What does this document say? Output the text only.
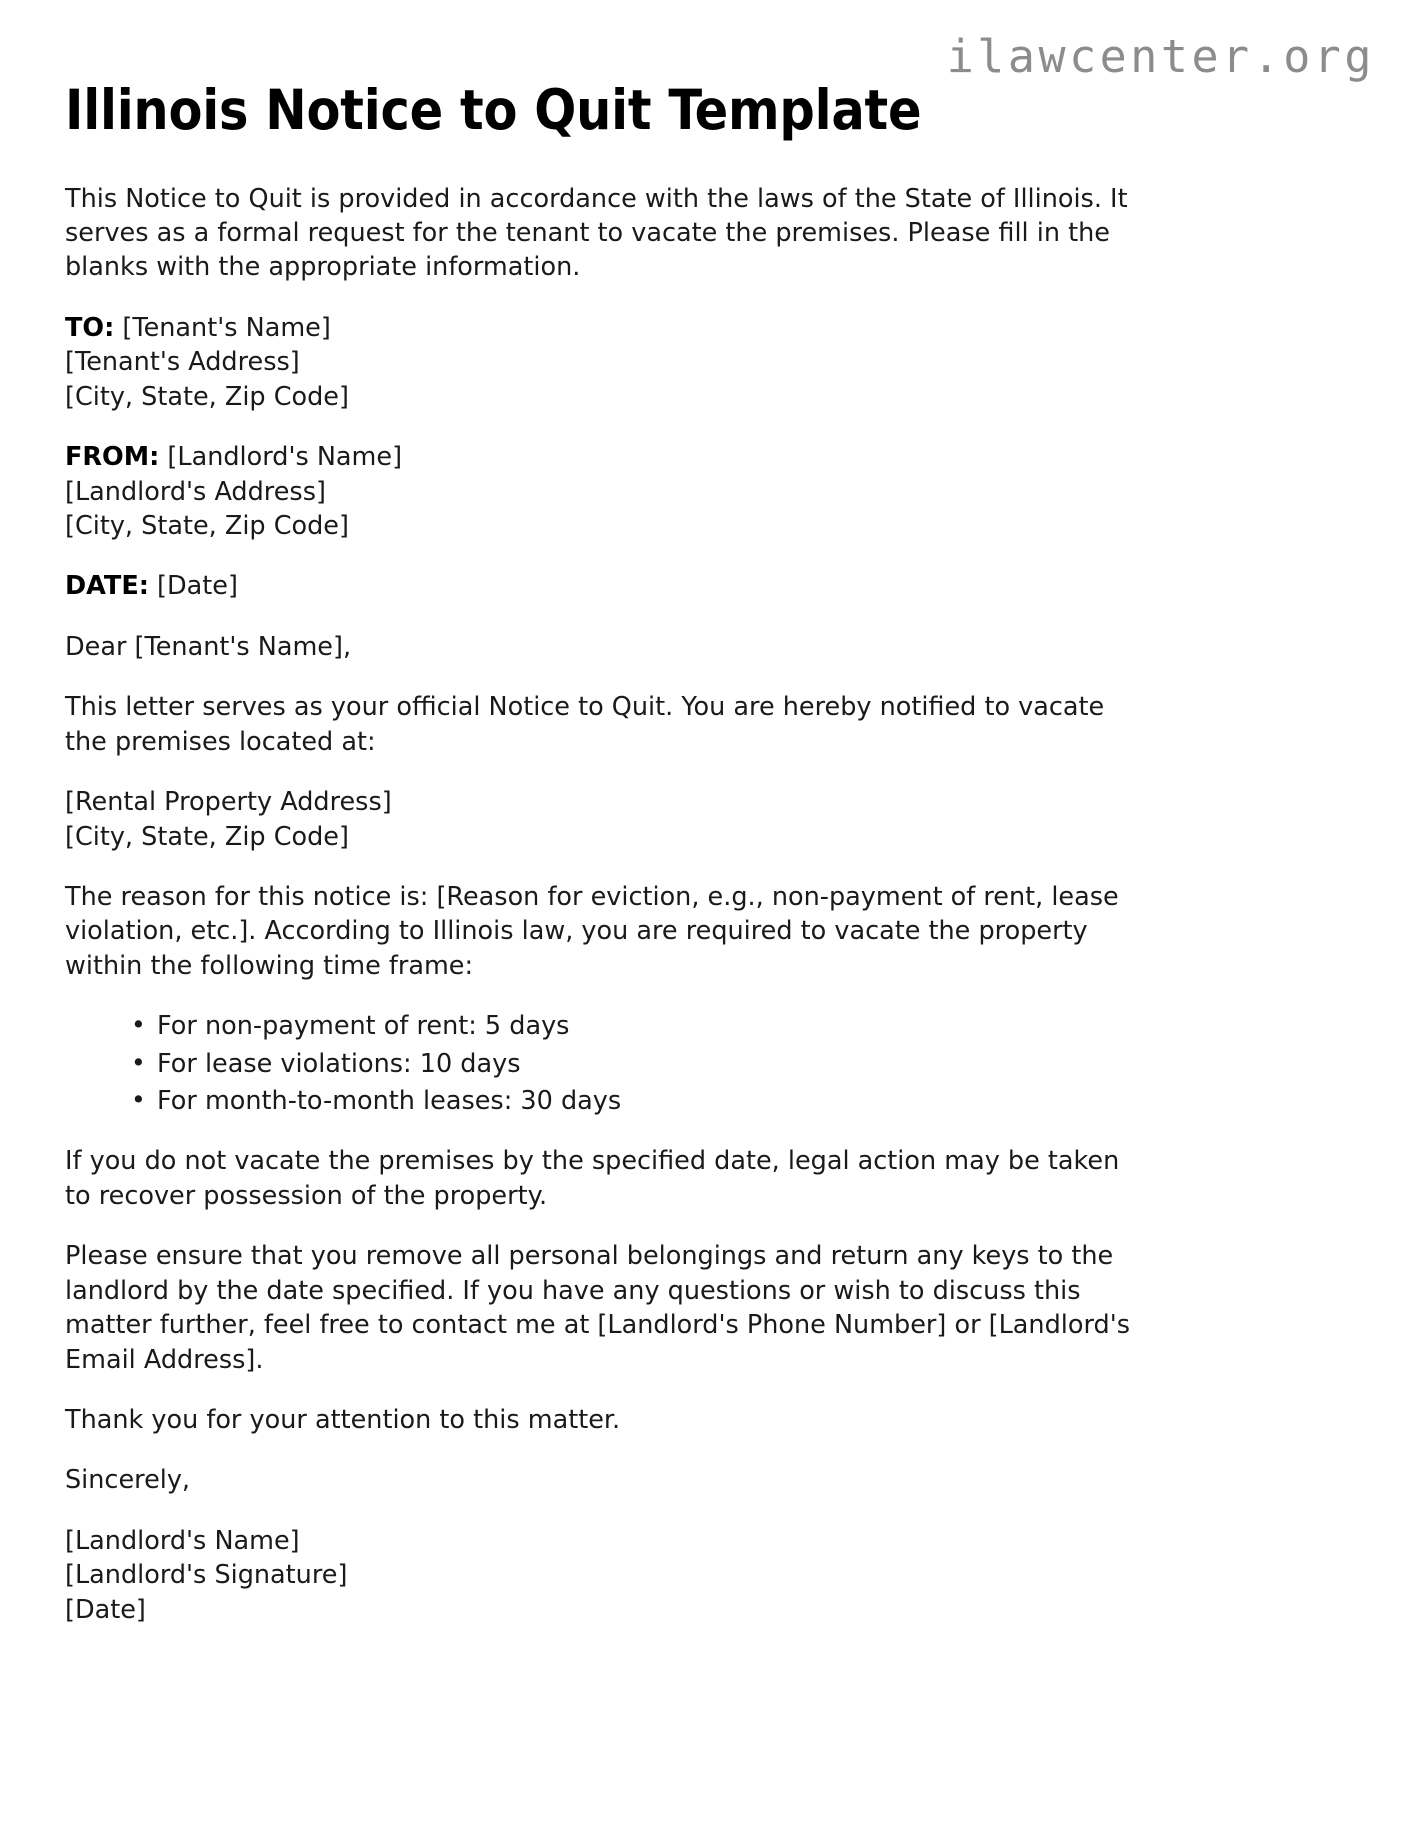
ilawcenter.org
Illinois Notice to Quit Template

This Notice to Quit is provided in accordance with the laws of the State of Illinois. It serves as a formal request for the tenant to vacate the premises. Please fill in the blanks with the appropriate information.

TO: [Tenant's Name]
[Tenant's Address]
[City, State, Zip Code]

FROM: [Landlord's Name]
[Landlord's Address]
[City, State, Zip Code]

DATE: [Date]

Dear [Tenant's Name],

This letter serves as your official Notice to Quit. You are hereby notified to vacate the premises located at:

[Rental Property Address]
[City, State, Zip Code]

The reason for this notice is: [Reason for eviction, e.g., non-payment of rent, lease violation, etc.]. According to Illinois law, you are required to vacate the property within the following time frame:

• For non-payment of rent: 5 days
• For lease violations: 10 days
• For month-to-month leases: 30 days

If you do not vacate the premises by the specified date, legal action may be taken to recover possession of the property.

Please ensure that you remove all personal belongings and return any keys to the landlord by the date specified. If you have any questions or wish to discuss this matter further, feel free to contact me at [Landlord's Phone Number] or [Landlord's Email Address].

Thank you for your attention to this matter.

Sincerely,

[Landlord's Name]
[Landlord's Signature]
[Date]
